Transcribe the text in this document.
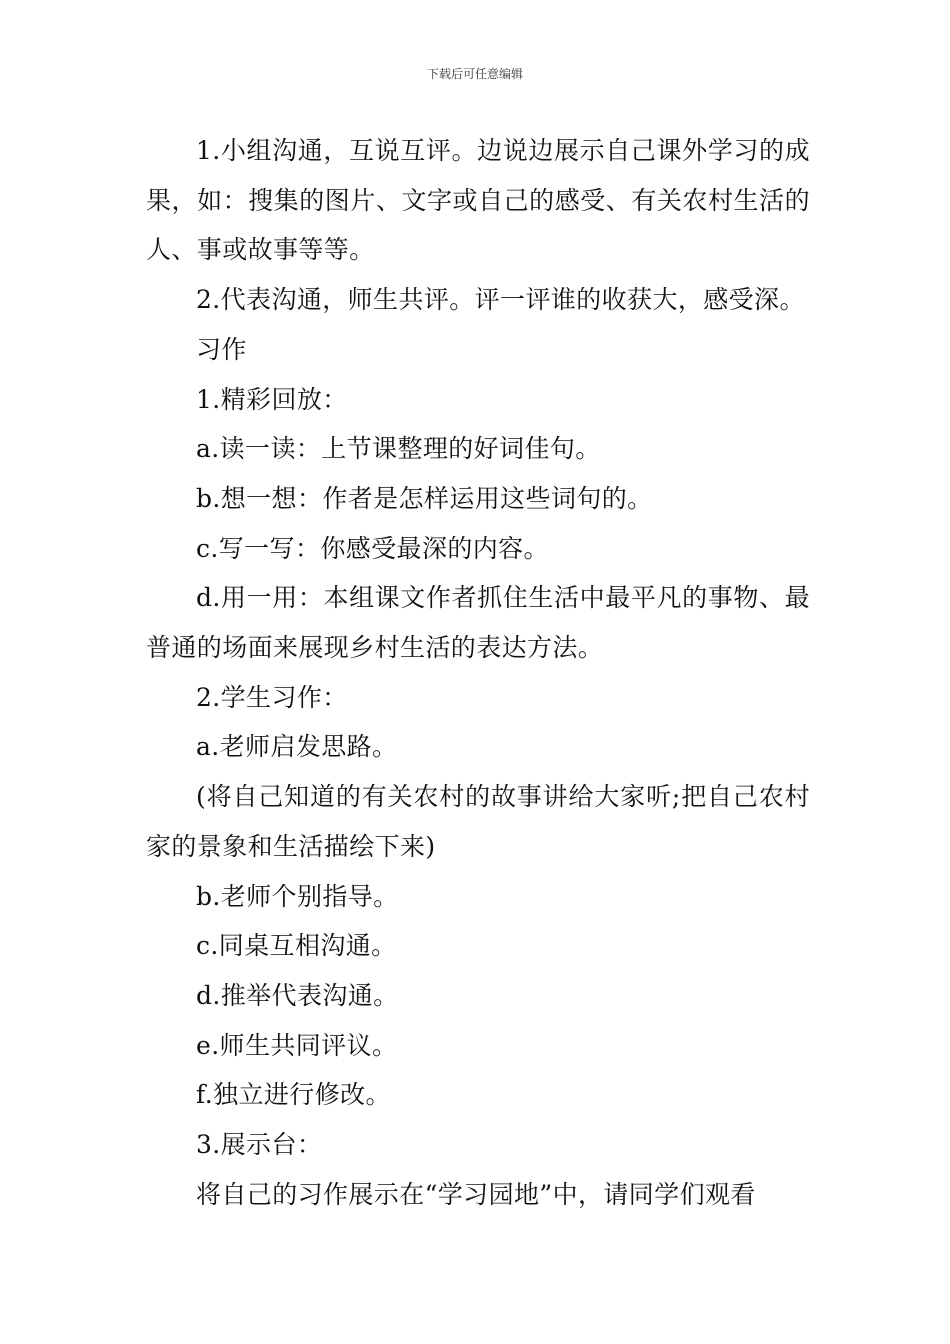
下载后可任意编辑

1.小组沟通，互说互评。边说边展示自己课外学习的成果，如：搜集的图片、文字或自己的感受、有关农村生活的人、事或故事等等。

2.代表沟通，师生共评。评一评谁的收获大，感受深。

习作

1.精彩回放：

a.读一读：上节课整理的好词佳句。

b.想一想：作者是怎样运用这些词句的。

c.写一写：你感受最深的内容。

d.用一用：本组课文作者抓住生活中最平凡的事物、最普通的场面来展现乡村生活的表达方法。

2.学生习作：

a.老师启发思路。

(将自己知道的有关农村的故事讲给大家听;把自己农村家的景象和生活描绘下来)

b.老师个别指导。

c.同桌互相沟通。

d.推举代表沟通。

e.师生共同评议。

f.独立进行修改。

3.展示台：

将自己的习作展示在“学习园地”中，请同学们观看
